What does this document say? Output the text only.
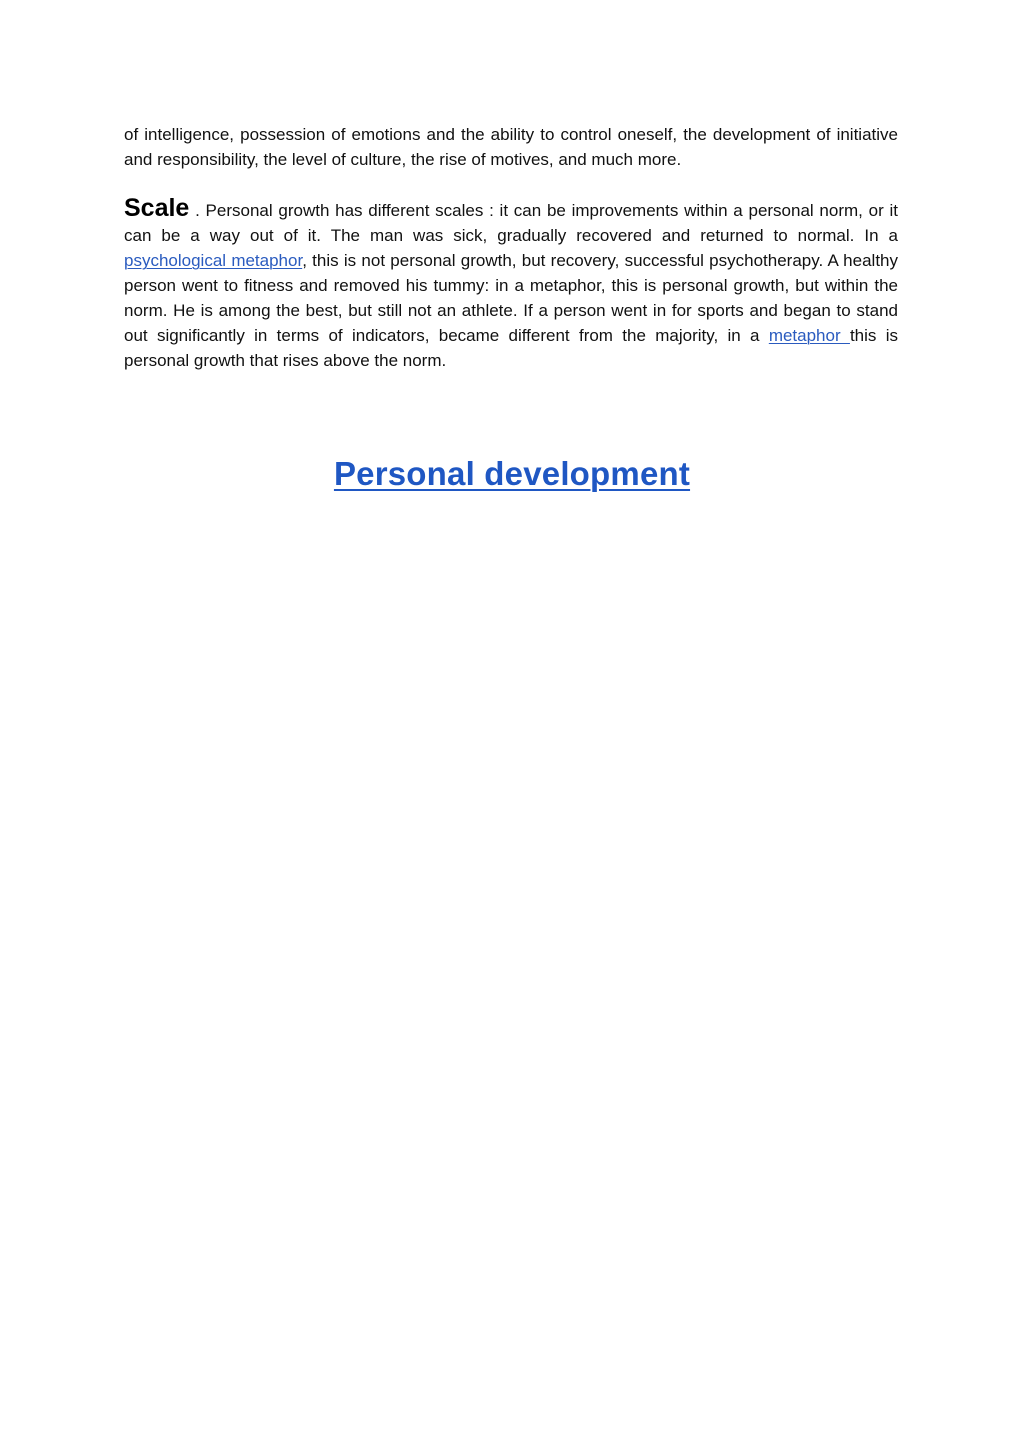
of intelligence, possession of emotions and the ability to control oneself, the development of initiative and responsibility, the level of culture, the rise of motives, and much more.

Scale . Personal growth has different scales : it can be improvements within a personal norm, or it can be a way out of it. The man was sick, gradually recovered and returned to normal. In a psychological metaphor, this is not personal growth, but recovery, successful psychotherapy. A healthy person went to fitness and removed his tummy: in a metaphor, this is personal growth, but within the norm. He is among the best, but still not an athlete. If a person went in for sports and began to stand out significantly in terms of indicators, became different from the majority, in a metaphor this is personal growth that rises above the norm.

Personal development
